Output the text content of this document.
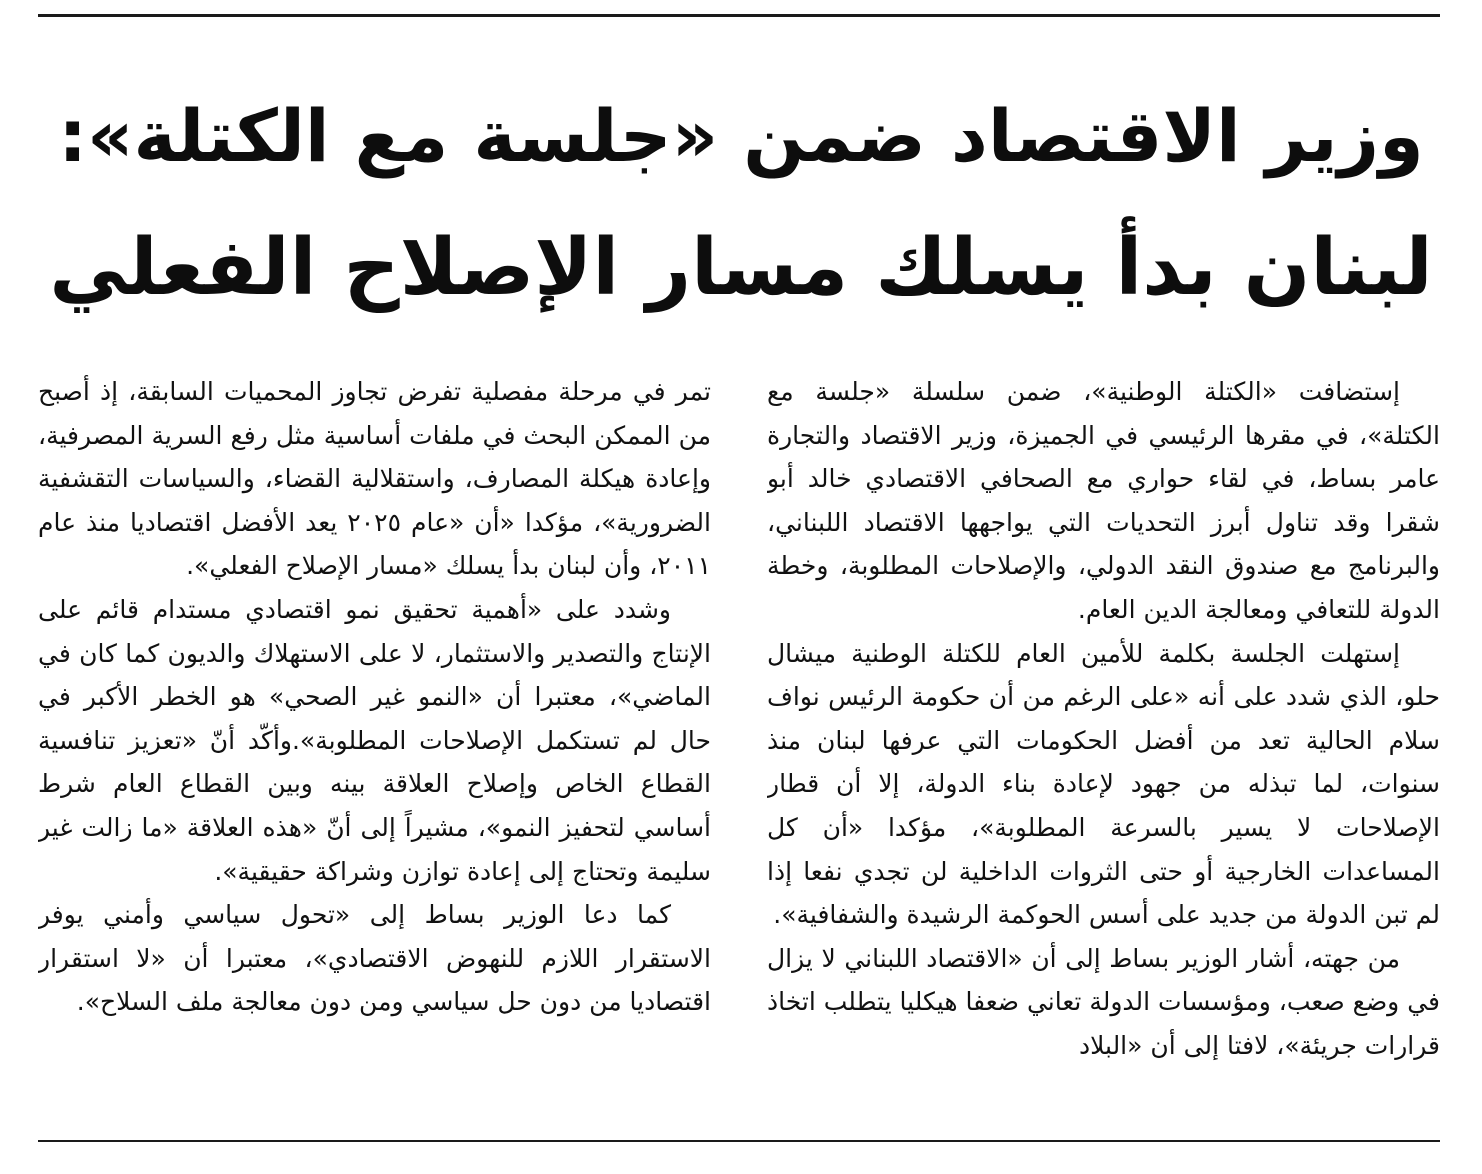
وزير الاقتصاد ضمن «جلسة مع الكتلة»:
لبنان بدأ يسلك مسار الإصلاح الفعلي

إستضافت «الكتلة الوطنية»، ضمن سلسلة «جلسة مع الكتلة»، في مقرها الرئيسي في الجميزة، وزير الاقتصاد والتجارة عامر بساط، في لقاء حواري مع الصحافي الاقتصادي خالد أبو شقرا وقد تناول أبرز التحديات التي يواجهها الاقتصاد اللبناني، والبرنامج مع صندوق النقد الدولي، والإصلاحات المطلوبة، وخطة الدولة للتعافي ومعالجة الدين العام.

إستهلت الجلسة بكلمة للأمين العام للكتلة الوطنية ميشال حلو، الذي شدد على أنه «على الرغم من أن حكومة الرئيس نواف سلام الحالية تعد من أفضل الحكومات التي عرفها لبنان منذ سنوات، لما تبذله من جهود لإعادة بناء الدولة، إلا أن قطار الإصلاحات لا يسير بالسرعة المطلوبة»، مؤكدا «أن كل المساعدات الخارجية أو حتى الثروات الداخلية لن تجدي نفعا إذا لم تبن الدولة من جديد على أسس الحوكمة الرشيدة والشفافية».

من جهته، أشار الوزير بساط إلى أن «الاقتصاد اللبناني لا يزال في وضع صعب، ومؤسسات الدولة تعاني ضعفا هيكليا يتطلب اتخاذ قرارات جريئة»، لافتا إلى أن «البلاد

تمر في مرحلة مفصلية تفرض تجاوز المحميات السابقة، إذ أصبح من الممكن البحث في ملفات أساسية مثل رفع السرية المصرفية، وإعادة هيكلة المصارف، واستقلالية القضاء، والسياسات التقشفية الضرورية»، مؤكدا «أن «عام ٢٠٢٥ يعد الأفضل اقتصاديا منذ عام ٢٠١١، وأن لبنان بدأ يسلك «مسار الإصلاح الفعلي».

وشدد على «أهمية تحقيق نمو اقتصادي مستدام قائم على الإنتاج والتصدير والاستثمار، لا على الاستهلاك والديون كما كان في الماضي»، معتبرا أن «النمو غير الصحي» هو الخطر الأكبر في حال لم تستكمل الإصلاحات المطلوبة».وأكّد أنّ «تعزيز تنافسية القطاع الخاص وإصلاح العلاقة بينه وبين القطاع العام شرط أساسي لتحفيز النمو»، مشيراً إلى أنّ «هذه العلاقة «ما زالت غير سليمة وتحتاج إلى إعادة توازن وشراكة حقيقية».

كما دعا الوزير بساط إلى «تحول سياسي وأمني يوفر الاستقرار اللازم للنهوض الاقتصادي»، معتبرا أن «لا استقرار اقتصاديا من دون حل سياسي ومن دون معالجة ملف السلاح».
